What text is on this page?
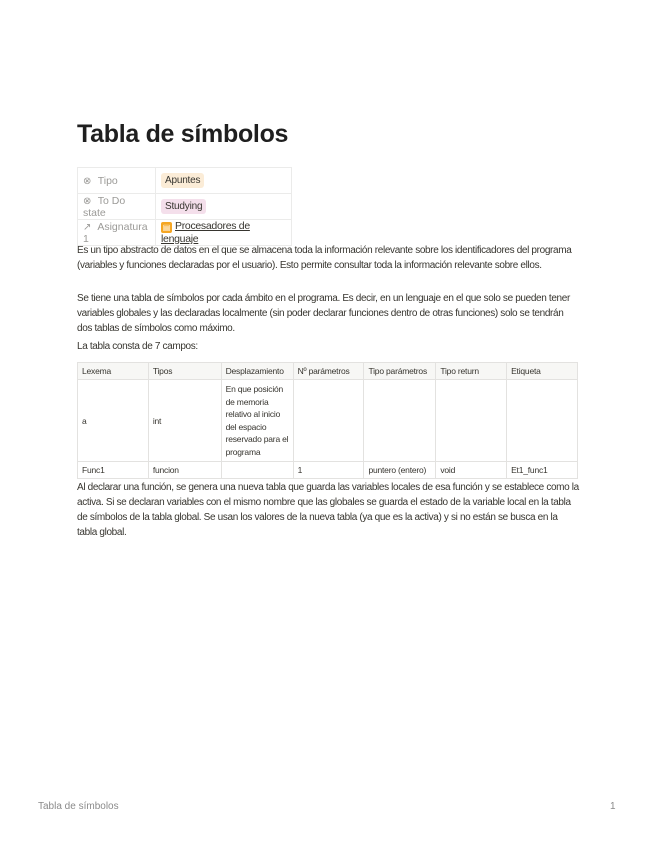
Tabla de símbolos
⊗ Tipo	Apuntes
⊗ To Do state	Studying
↗ Asignatura 1	▤ Procesadores de lenguaje

Es un tipo abstracto de datos en el que se almacena toda la información relevante sobre los identificadores del programa (variables y funciones declaradas por el usuario). Esto permite consultar toda la información relevante sobre ellos.

Se tiene una tabla de símbolos por cada ámbito en el programa. Es decir, en un lenguaje en el que solo se pueden tener variables globales y las declaradas localmente (sin poder declarar funciones dentro de otras funciones) solo se tendrán dos tablas de símbolos como máximo.

La tabla consta de 7 campos:

Lexema	Tipos	Desplazamiento	Nº parámetros	Tipo parámetros	Tipo return	Etiqueta
a	int	En que posición de memoria relativo al inicio del espacio reservado para el programa				
Func1	funcion		1	puntero (entero)	void	Et1_func1

Al declarar una función, se genera una nueva tabla que guarda las variables locales de esa función y se establece como la activa. Si se declaran variables con el mismo nombre que las globales se guarda el estado de la variable local en la tabla de símbolos de la tabla global. Se usan los valores de la nueva tabla (ya que es la activa) y si no están se busca en la tabla global.

Tabla de símbolos	1
